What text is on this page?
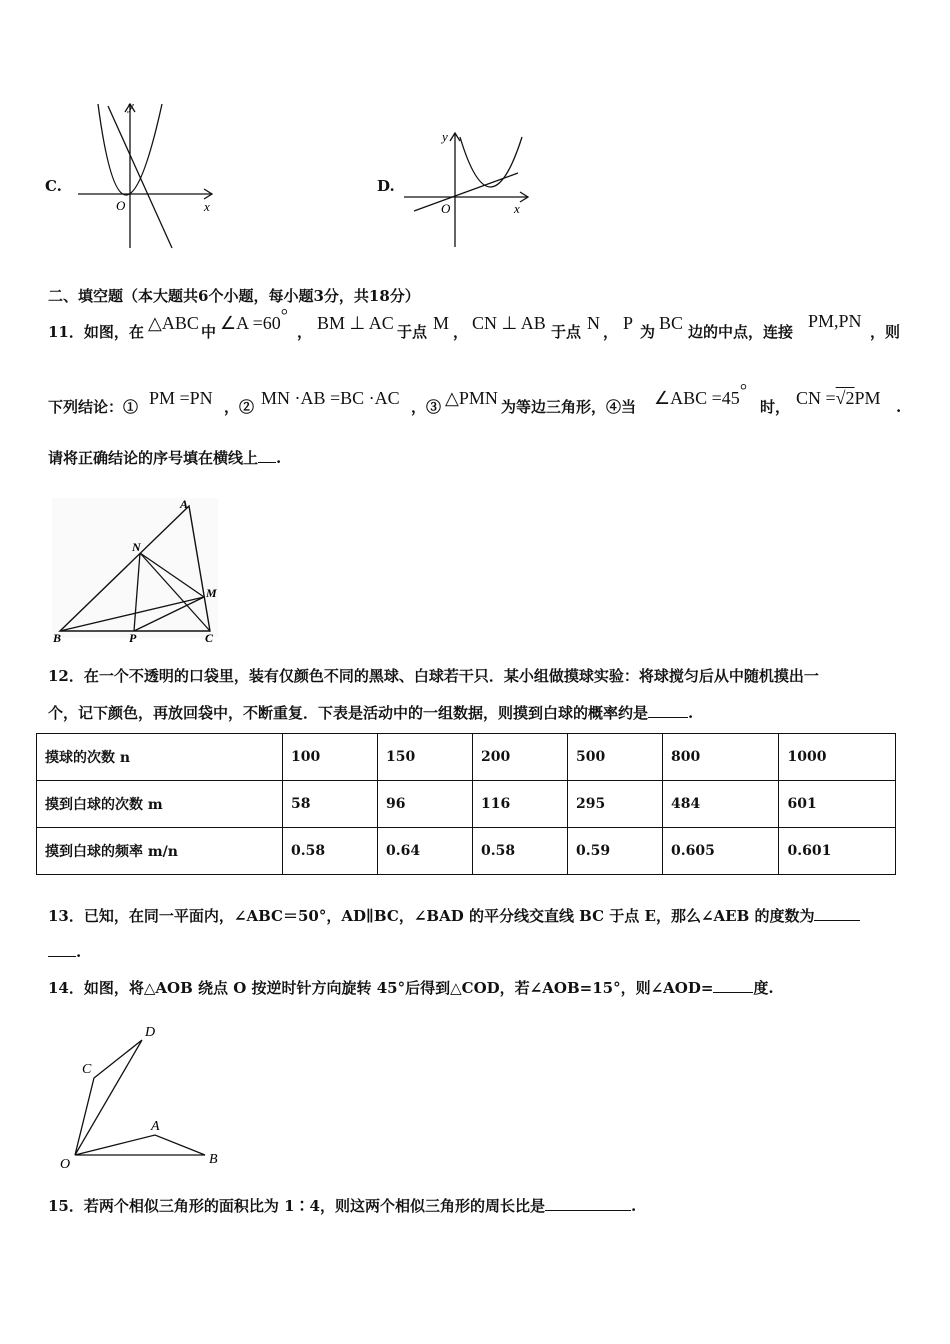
C.
y
x
O
D.
y
x
O
二、填空题（本大题共6个小题，每小题3分，共18分）
11．如图，在 △ABC 中 ∠A =60°
， BM ⊥ AC 于点 M ， CN ⊥ AB 于点 N ， P 为 BC 边的中点，连接
PM,PN
，则
下列结论：① PM =PN ，② MN ·AB =BC ·AC ，③ △PMN 为等边三角形，④当 ∠ABC =45°
时， CN =√2PM .
请将正确结论的序号填在横线上 .
A
N
M
B	P	C
12．在一个不透明的口袋里，装有仅颜色不同的黑球、白球若干只．某小组做摸球实验：将球搅匀后从中随机摸出一
个，记下颜色，再放回袋中，不断重复．下表是活动中的一组数据，则摸到白球的概率约是	.
摸球的次数 n	100	150	200	500	800	1000
摸到白球的次数 m	58	96	116	295	484	601
摸到白球的频率 m/n	0.58	0.64	0.58	0.59	0.605	0.601
13．已知，在同一平面内，∠ABC＝50°，AD∥BC，∠BAD 的平分线交直线 BC 于点 E，那么∠AEB 的度数为
.
14．如图，将△AOB 绕点 O 按逆时针方向旋转 45°后得到△COD，若∠AOB=15°，则∠AOD=	度.
D
C
A
O	B
15．若两个相似三角形的面积比为 1∶4，则这两个相似三角形的周长比是	.
